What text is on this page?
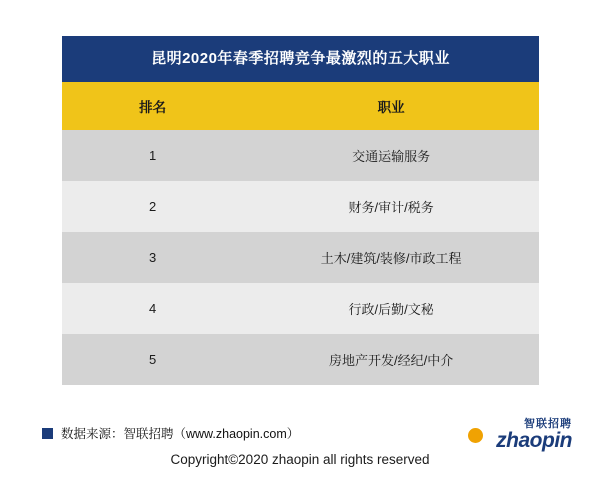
昆明2020年春季招聘竞争最激烈的五大职业
排名	职业
1	交通运输服务
2	财务/审计/税务
3	土木/建筑/装修/市政工程
4	行政/后勤/文秘
5	房地产开发/经纪/中介
数据来源：智联招聘（www.zhaopin.com）
智联招聘
zhaopin
Copyright©2020 zhaopin all rights reserved
